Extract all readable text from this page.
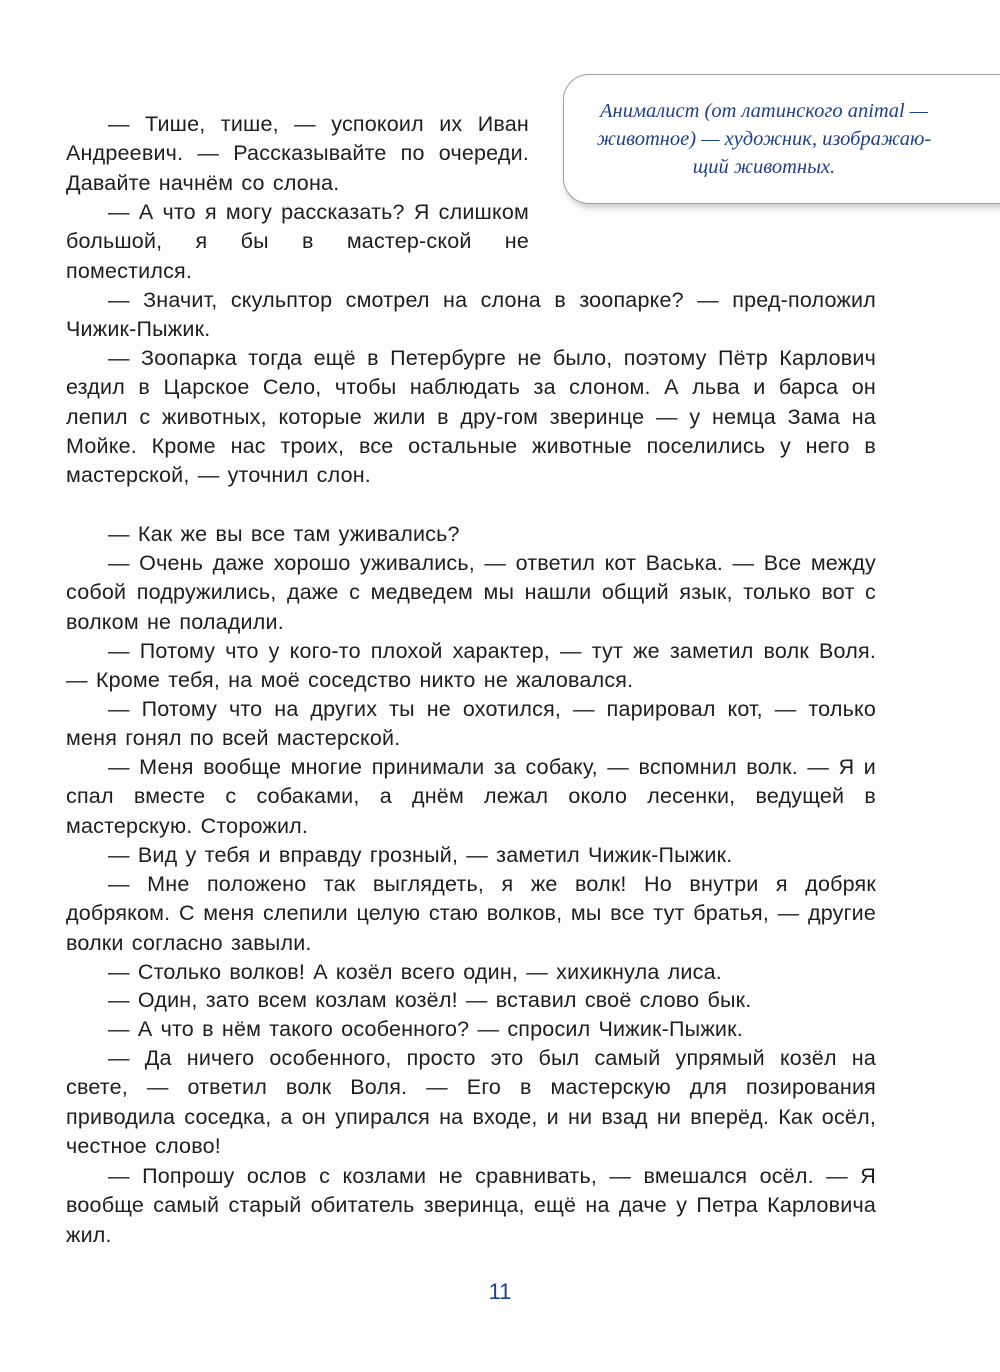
Анималист (от латинского animal —
животное) — художник, изображаю-
щий животных.

— Тише, тише, — успокоил их Иван Андреевич. — Рассказывайте по очереди. Давайте начнём со слона.

— А что я могу рассказать? Я слишком большой, я бы в мастер-ской не поместился.

— Значит, скульптор смотрел на слона в зоопарке? — пред-положил Чижик-Пыжик.

— Зоопарка тогда ещё в Петербурге не было, поэтому Пётр Карлович ездил в Царское Село, чтобы наблюдать за слоном. А льва и барса он лепил с животных, которые жили в дру-гом зверинце — у немца Зама на Мойке. Кроме нас троих, все остальные животные поселились у него в мастерской, — уточнил слон.

— Как же вы все там уживались?

— Очень даже хорошо уживались, — ответил кот Васька. — Все между собой подружились, даже с медведем мы нашли общий язык, только вот с волком не поладили.

— Потому что у кого-то плохой характер, — тут же заметил волк Воля. — Кроме тебя, на моё соседство никто не жаловался.

— Потому что на других ты не охотился, — парировал кот, — только меня гонял по всей мастерской.

— Меня вообще многие принимали за собаку, — вспомнил волк. — Я и спал вместе с собаками, а днём лежал около лесенки, ведущей в мастерскую. Сторожил.

— Вид у тебя и вправду грозный, — заметил Чижик-Пыжик.

— Мне положено так выглядеть, я же волк! Но внутри я добряк добряком. С меня слепили целую стаю волков, мы все тут братья, — другие волки согласно завыли.

— Столько волков! А козёл всего один, — хихикнула лиса.

— Один, зато всем козлам козёл! — вставил своё слово бык.

— А что в нём такого особенного? — спросил Чижик-Пыжик.

— Да ничего особенного, просто это был самый упрямый козёл на свете, — ответил волк Воля. — Его в мастерскую для позирования приводила соседка, а он упирался на входе, и ни взад ни вперёд. Как осёл, честное слово!

— Попрошу ослов с козлами не сравнивать, — вмешался осёл. — Я вообще самый старый обитатель зверинца, ещё на даче у Петра Карловича жил.

11
